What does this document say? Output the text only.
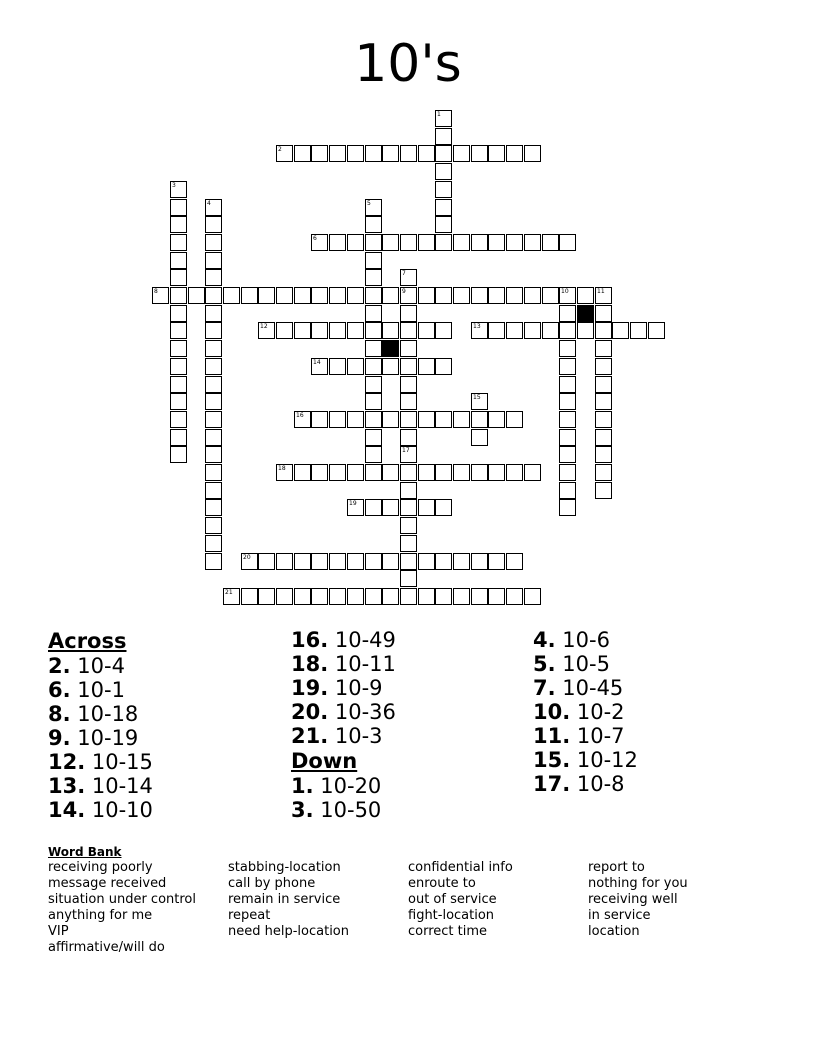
10's
1
2
3
4	5
6
7
9
8	10	11
12	13
14
15
16
17
18
19
20
21
Across
2. 10-4
6. 10-1
8. 10-18
9. 10-19
12. 10-15
13. 10-14
14. 10-10
16. 10-49
18. 10-11
19. 10-9
20. 10-36
21. 10-3
Down
1. 10-20
3. 10-50
4. 10-6
5. 10-5
7. 10-45
10. 10-2
11. 10-7
15. 10-12
17. 10-8
Word Bank
receiving poorly
message received
situation under control
anything for me
VIP
affirmative/will do
stabbing-location
call by phone
remain in service
repeat
need help-location
confidential info
enroute to
out of service
fight-location
correct time
report to
nothing for you
receiving well
in service
location
